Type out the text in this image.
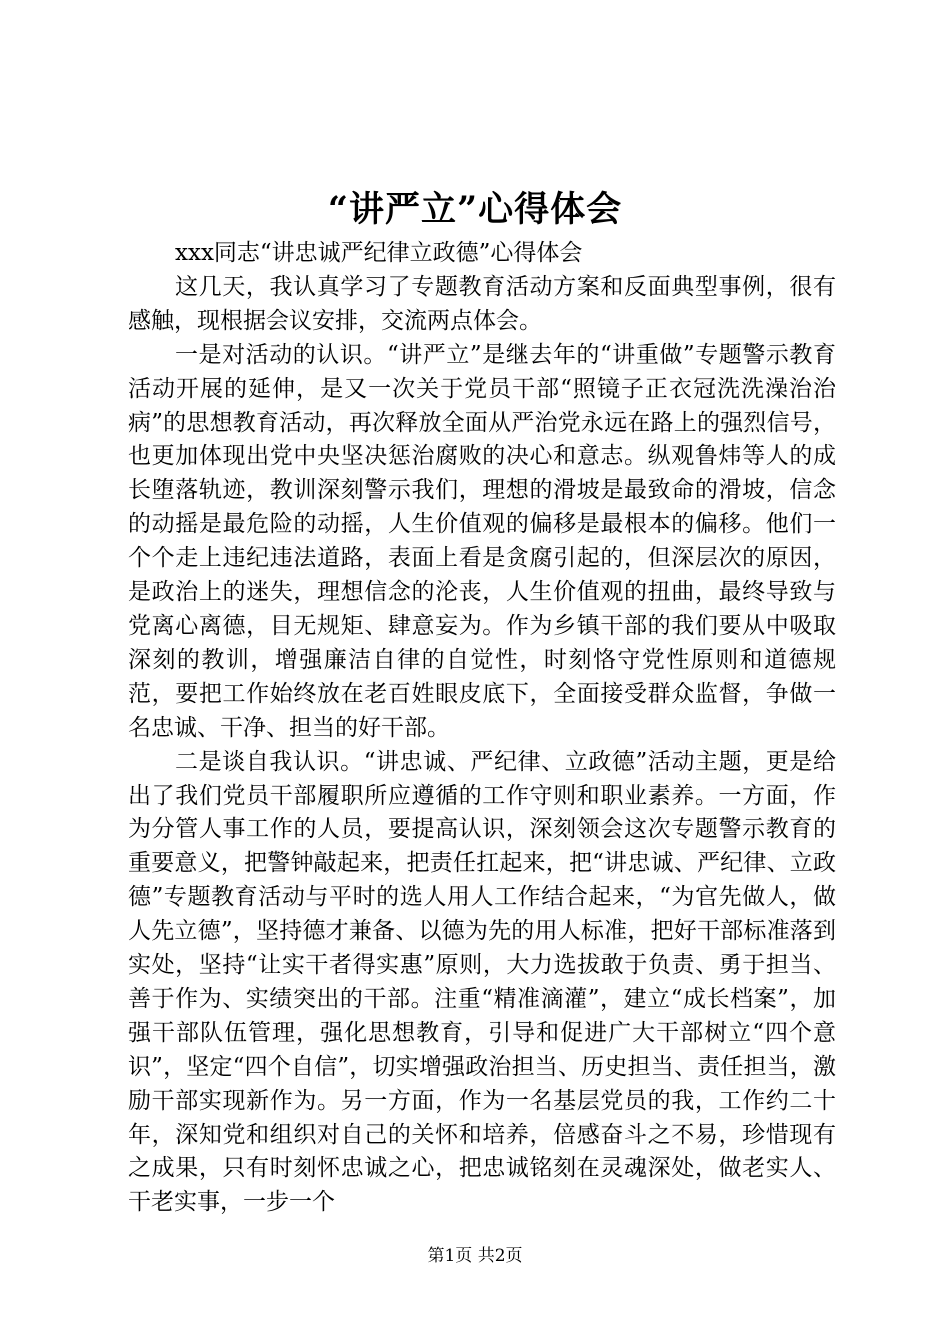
“讲严立”心得体会

xxx同志“讲忠诚严纪律立政德”心得体会

这几天，我认真学习了专题教育活动方案和反面典型事例，很有感触，现根据会议安排，交流两点体会。

一是对活动的认识。“讲严立”是继去年的“讲重做”专题警示教育活动开展的延伸，是又一次关于党员干部“照镜子正衣冠洗洗澡治治病”的思想教育活动，再次释放全面从严治党永远在路上的强烈信号，也更加体现出党中央坚决惩治腐败的决心和意志。纵观鲁炜等人的成长堕落轨迹，教训深刻警示我们，理想的滑坡是最致命的滑坡，信念的动摇是最危险的动摇，人生价值观的偏移是最根本的偏移。他们一个个走上违纪违法道路，表面上看是贪腐引起的，但深层次的原因，是政治上的迷失，理想信念的沦丧，人生价值观的扭曲，最终导致与党离心离德，目无规矩、肆意妄为。作为乡镇干部的我们要从中吸取深刻的教训，增强廉洁自律的自觉性，时刻恪守党性原则和道德规范，要把工作始终放在老百姓眼皮底下，全面接受群众监督，争做一名忠诚、干净、担当的好干部。

二是谈自我认识。“讲忠诚、严纪律、立政德”活动主题，更是给出了我们党员干部履职所应遵循的工作守则和职业素养。一方面，作为分管人事工作的人员，要提高认识，深刻领会这次专题警示教育的重要意义，把警钟敲起来，把责任扛起来，把“讲忠诚、严纪律、立政德”专题教育活动与平时的选人用人工作结合起来，“为官先做人，做人先立德”，坚持德才兼备、以德为先的用人标准，把好干部标准落到实处，坚持“让实干者得实惠”原则，大力选拔敢于负责、勇于担当、善于作为、实绩突出的干部。注重“精准滴灌”，建立“成长档案”，加强干部队伍管理，强化思想教育，引导和促进广大干部树立“四个意识”，坚定“四个自信”，切实增强政治担当、历史担当、责任担当，激励干部实现新作为。另一方面，作为一名基层党员的我，工作约二十年，深知党和组织对自己的关怀和培养，倍感奋斗之不易，珍惜现有之成果，只有时刻怀忠诚之心，把忠诚铭刻在灵魂深处，做老实人、干老实事，一步一个

第1页 共2页
